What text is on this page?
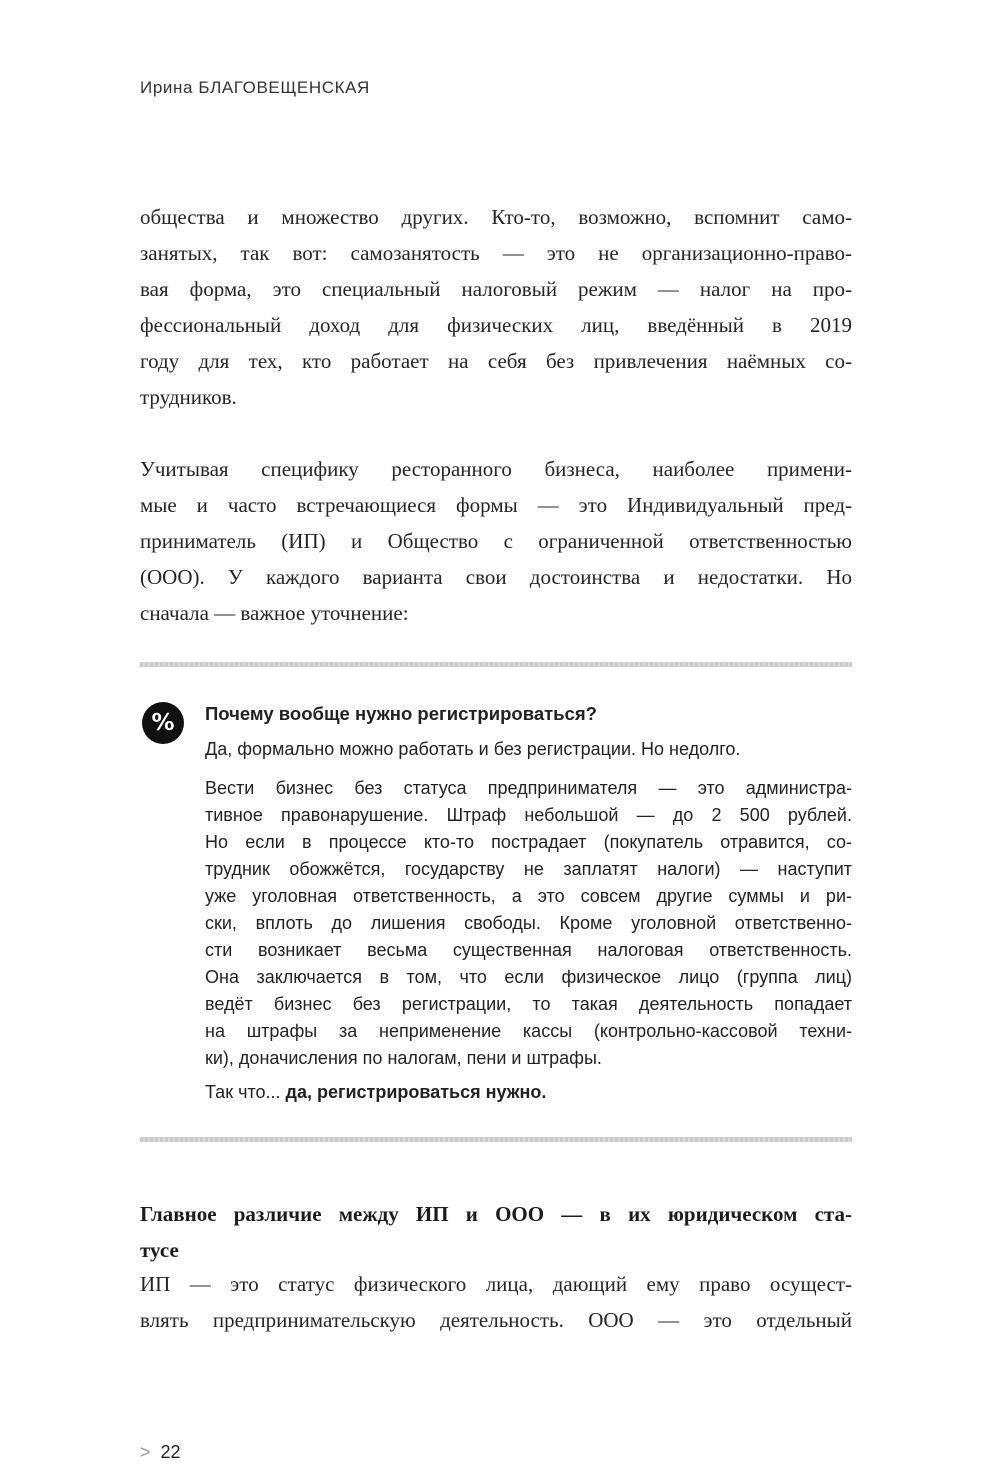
Ирина БЛАГОВЕЩЕНСКАЯ
общества и множество других. Кто-то, возможно, вспомнит само-
занятых, так вот: самозанятость — это не организационно-право-
вая форма, это специальный налоговый режим — налог на про-
фессиональный доход для физических лиц, введённый в 2019
году для тех, кто работает на себя без привлечения наёмных со-
трудников.
Учитывая специфику ресторанного бизнеса, наиболее примени-
мые и часто встречающиеся формы — это Индивидуальный пред-
приниматель (ИП) и Общество с ограниченной ответственностью
(ООО). У каждого варианта свои достоинства и недостатки. Но
сначала — важное уточнение:
%	Почему вообще нужно регистрироваться?
Да, формально можно работать и без регистрации. Но недолго.
Вести бизнес без статуса предпринимателя — это администра-
тивное правонарушение. Штраф небольшой — до 2 500 рублей.
Но если в процессе кто-то пострадает (покупатель отравится, со-
трудник обожжётся, государству не заплатят налоги) — наступит
уже уголовная ответственность, а это совсем другие суммы и ри-
ски, вплоть до лишения свободы. Кроме уголовной ответственно-
сти возникает весьма существенная налоговая ответственность.
Она заключается в том, что если физическое лицо (группа лиц)
ведёт бизнес без регистрации, то такая деятельность попадает
на штрафы за неприменение кассы (контрольно-кассовой техни-
ки), доначисления по налогам, пени и штрафы.
Так что... да, регистрироваться нужно.
Главное различие между ИП и ООО — в их юридическом ста-
тусе
ИП — это статус физического лица, дающий ему право осущест-
влять предпринимательскую деятельность. ООО — это отдельный
> 22
